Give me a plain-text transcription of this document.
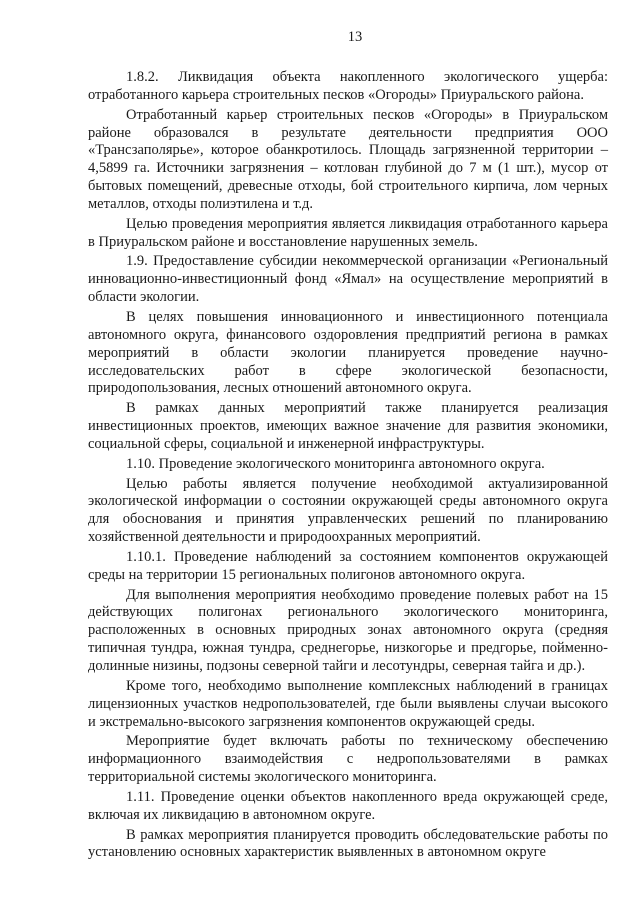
13

1.8.2. Ликвидация объекта накопленного экологического ущерба: отработанного карьера строительных песков «Огороды» Приуральского района.

Отработанный карьер строительных песков «Огороды» в Приуральском районе образовался в результате деятельности предприятия ООО «Трансзаполярье», которое обанкротилось. Площадь загрязненной территории – 4,5899 га. Источники загрязнения – котлован глубиной до 7 м (1 шт.), мусор от бытовых помещений, древесные отходы, бой строительного кирпича, лом черных металлов, отходы полиэтилена и т.д.

Целью проведения мероприятия является ликвидация отработанного карьера в Приуральском районе и восстановление нарушенных земель.

1.9. Предоставление субсидии некоммерческой организации «Региональный инновационно-инвестиционный фонд «Ямал» на осуществление мероприятий в области экологии.

В целях повышения инновационного и инвестиционного потенциала автономного округа, финансового оздоровления предприятий региона в рамках мероприятий в области экологии планируется проведение научно-исследовательских работ в сфере экологической безопасности, природопользования, лесных отношений автономного округа.

В рамках данных мероприятий также планируется реализация инвестиционных проектов, имеющих важное значение для развития экономики, социальной сферы, социальной и инженерной инфраструктуры.

1.10. Проведение экологического мониторинга автономного округа.

Целью работы является получение необходимой актуализированной экологической информации о состоянии окружающей среды автономного округа для обоснования и принятия управленческих решений по планированию хозяйственной деятельности и природоохранных мероприятий.

1.10.1. Проведение наблюдений за состоянием компонентов окружающей среды на территории 15 региональных полигонов автономного округа.

Для выполнения мероприятия необходимо проведение полевых работ на 15 действующих полигонах регионального экологического мониторинга, расположенных в основных природных зонах автономного округа (средняя типичная тундра, южная тундра, среднегорье, низкогорье и предгорье, пойменно-долинные низины, подзоны северной тайги и лесотундры, северная тайга и др.).

Кроме того, необходимо выполнение комплексных наблюдений в границах лицензионных участков недропользователей, где были выявлены случаи высокого и экстремально-высокого загрязнения компонентов окружающей среды.

Мероприятие будет включать работы по техническому обеспечению информационного взаимодействия с недропользователями в рамках территориальной системы экологического мониторинга.

1.11. Проведение оценки объектов накопленного вреда окружающей среде, включая их ликвидацию в автономном округе.

В рамках мероприятия планируется проводить обследовательские работы по установлению основных характеристик выявленных в автономном округе
